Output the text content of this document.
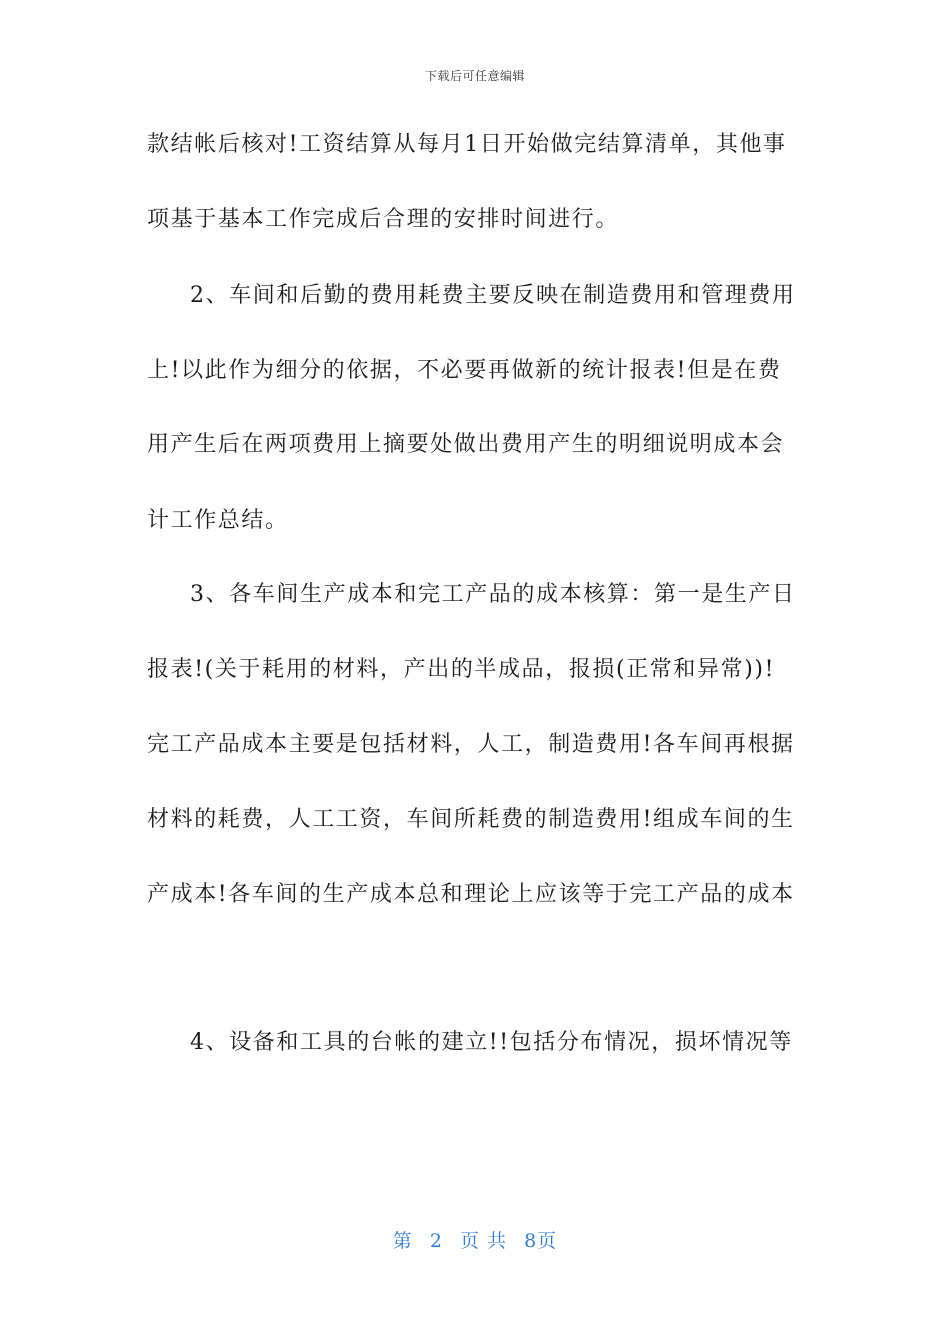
下载后可任意编辑
款结帐后核对!工资结算从每月1日开始做完结算清单，其他事
项基于基本工作完成后合理的安排时间进行。
2、车间和后勤的费用耗费主要反映在制造费用和管理费用
上!以此作为细分的依据，不必要再做新的统计报表!但是在费
用产生后在两项费用上摘要处做出费用产生的明细说明成本会
计工作总结。
3、各车间生产成本和完工产品的成本核算：第一是生产日
报表!(关于耗用的材料，产出的半成品，报损(正常和异常))!
完工产品成本主要是包括材料，人工，制造费用!各车间再根据
材料的耗费，人工工资，车间所耗费的制造费用!组成车间的生
产成本!各车间的生产成本总和理论上应该等于完工产品的成本
4、设备和工具的台帐的建立!!包括分布情况，损坏情况等
第 2 页 共 8页
